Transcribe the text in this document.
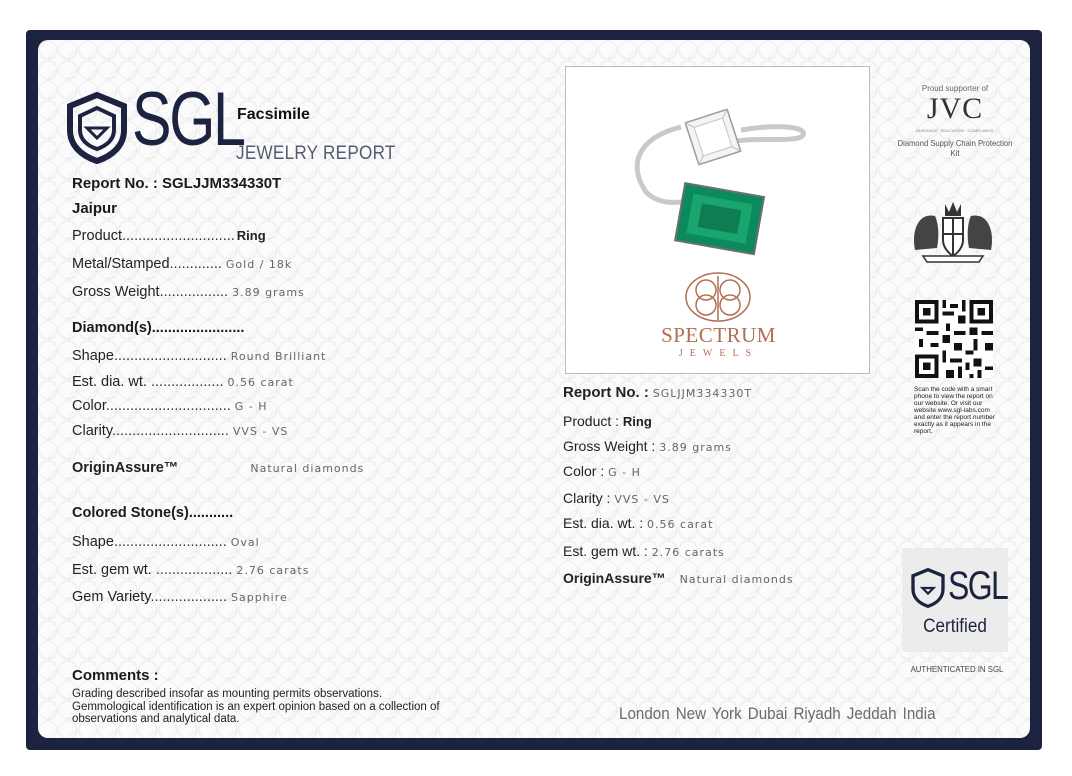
SGL
Facsimile
JEWELRY REPORT
Report No. : SGLJJM334330T
Jaipur
Product............................ Ring
Metal/Stamped............. Gold / 18k
Gross Weight................. 3.89 grams
Diamond(s).......................
Shape............................ Round Brilliant
Est. dia. wt. .................. 0.56 carat
Color............................... G - H
Clarity............................. VVS - VS
OriginAssure™	Natural diamonds
Colored Stone(s)...........
Shape............................ Oval
Est. gem wt. ................... 2.76 carats
Gem Variety................... Sapphire
Comments :
Grading described insofar as mounting permits observations. Gemmological identification is an expert opinion based on a collection of observations and analytical data.
SPECTRUM
JEWELS
Report No. : SGLJJM334330T
Product : Ring
Gross Weight : 3.89 grams
Color : G - H
Clarity : VVS - VS
Est. dia. wt. : 0.56 carat
Est. gem wt. : 2.76 carats
OriginAssure™ Natural diamonds
Proud supporter of
JVC
GUIDANCE · EDUCATION · COMPLIANCE
Diamond Supply Chain Protection Kit
Scan the code with a smart phone to view the report on our website. Or visit our website www.sgl-labs.com and enter the report number exactly as it appears in the report.
SGL
Certified
AUTHENTICATED IN SGL
London New York Dubai Riyadh Jeddah India
